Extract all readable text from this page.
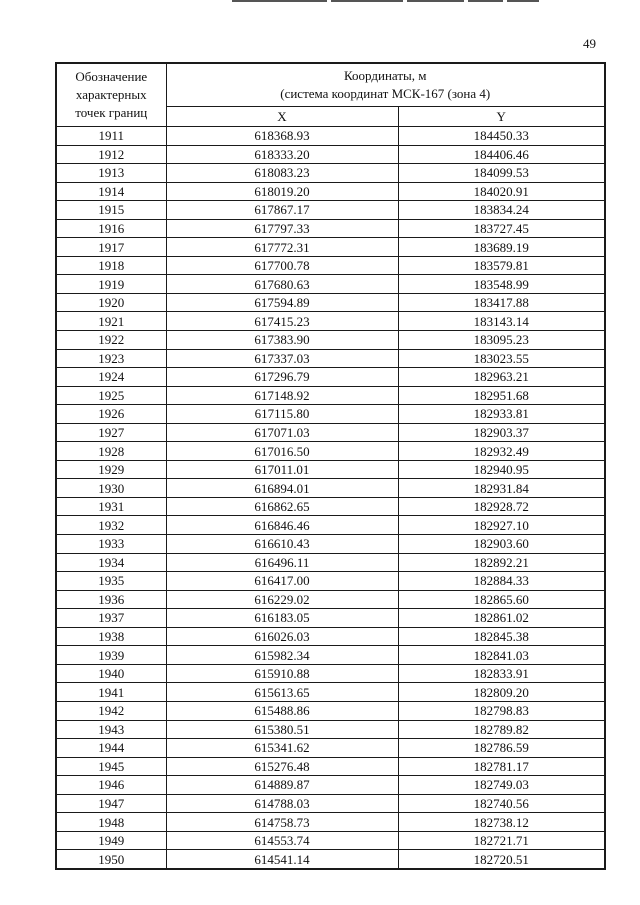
49
Обозначение
характерных
точек границ	Координаты, м
(система координат МСК-167 (зона 4)	

	X	Y
1911	618368.93	184450.33
1912	618333.20	184406.46
1913	618083.23	184099.53
1914	618019.20	184020.91
1915	617867.17	183834.24
1916	617797.33	183727.45
1917	617772.31	183689.19
1918	617700.78	183579.81
1919	617680.63	183548.99
1920	617594.89	183417.88
1921	617415.23	183143.14
1922	617383.90	183095.23
1923	617337.03	183023.55
1924	617296.79	182963.21
1925	617148.92	182951.68
1926	617115.80	182933.81
1927	617071.03	182903.37
1928	617016.50	182932.49
1929	617011.01	182940.95
1930	616894.01	182931.84
1931	616862.65	182928.72
1932	616846.46	182927.10
1933	616610.43	182903.60
1934	616496.11	182892.21
1935	616417.00	182884.33
1936	616229.02	182865.60
1937	616183.05	182861.02
1938	616026.03	182845.38
1939	615982.34	182841.03
1940	615910.88	182833.91
1941	615613.65	182809.20
1942	615488.86	182798.83
1943	615380.51	182789.82
1944	615341.62	182786.59
1945	615276.48	182781.17
1946	614889.87	182749.03
1947	614788.03	182740.56
1948	614758.73	182738.12
1949	614553.74	182721.71
1950	614541.14	182720.51
